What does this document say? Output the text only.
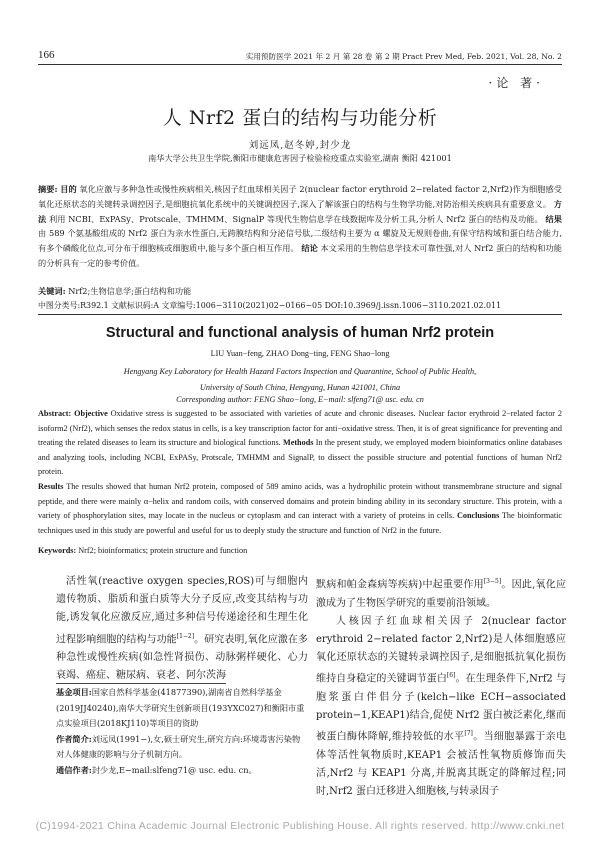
166	实用预防医学 2021 年 2 月 第 28 卷 第 2 期 Pract Prev Med, Feb. 2021, Vol. 28, No. 2
·论 著·
人 Nrf2 蛋白的结构与功能分析
刘远凤,赵冬婷,封少龙
南华大学公共卫生学院,衡阳市健康危害因子检验检疫重点实验室,湖南 衡阳 421001
摘要: 目的 氧化应激与多种急性或慢性疾病相关,核因子红血球相关因子 2(nuclear factor erythroid 2−related factor 2,Nrf2)作为细胞感受氧化还原状态的关键转录调控因子,是细胞抗氧化系统中的关键调控因子,深入了解该蛋白的结构与生物学功能,对防治相关疾病具有重要意义。 方法 利用 NCBI、ExPASy、Protscale、TMHMM、SignalP 等现代生物信息学在线数据库及分析工具,分析人 Nrf2 蛋白的结构及功能。 结果 由 589 个氨基酸组成的 Nrf2 蛋白为亲水性蛋白,无跨膜结构和分泌信号肽,二级结构主要为 α 螺旋及无规则卷曲,有保守结构域和蛋白结合能力,有多个磷酸化位点,可分布于细胞核或细胞质中,能与多个蛋白相互作用。 结论 本文采用的生物信息学技术可靠性强,对人 Nrf2 蛋白的结构和功能的分析具有一定的参考价值。
关键词: Nrf2;生物信息学;蛋白结构和功能
中图分类号:R392.1 文献标识码:A 文章编号:1006−3110(2021)02−0166−05 DOI:10.3969/j.issn.1006−3110.2021.02.011
Structural and functional analysis of human Nrf2 protein
LIU Yuan−feng, ZHAO Dong−ting, FENG Shao−long
Hengyang Key Laboratory for Health Hazard Factors Inspection and Quarantine, School of Public Health,
University of South China, Hengyang, Hunan 421001, China
Corresponding author: FENG Shao−long, E−mail: slfeng71@ usc. edu. cn
Abstract: Objective Oxidative stress is suggested to be associated with varieties of acute and chronic diseases. Nuclear factor erythroid 2−related factor 2 isoform2 (Nrf2), which senses the redox status in cells, is a key transcription factor for anti−oxidative stress. Then, it is of great significance for preventing and treating the related diseases to learn its structure and biological functions. Methods In the present study, we employed modern bioinformatics online databases and analyzing tools, including NCBI, ExPASy, Protscale, TMHMM and SignalP, to dissect the possible structure and potential functions of human Nrf2 protein.
Results The results showed that human Nrf2 protein, composed of 589 amino acids, was a hydrophilic protein without transmembrane structure and signal peptide, and there were mainly α−helix and random coils, with conserved domains and protein binding ability in its secondary structure. This protein, with a variety of phosphorylation sites, may locate in the nucleus or cytoplasm and can interact with a variety of proteins in cells. Conclusions The bioinformatic techniques used in this study are powerful and useful for us to deeply study the structure and function of Nrf2 in the future.
Keywords: Nrf2; bioinformatics; protein structure and function

活性氧(reactive oxygen species,ROS)可与细胞内遗传物质、脂质和蛋白质等大分子反应,改变其结构与功能,诱发氧化应激反应,通过多种信号传递途径和生理生化过程影响细胞的结构与功能[1−2]。研究表明,氧化应激在多种急性或慢性疾病(如急性肾损伤、动脉粥样硬化、心力衰竭、癌症、糖尿病、衰老、阿尔茨海

基金项目:国家自然科学基金(41877390),湖南省自然科学基金(2019JJ40240),南华大学研究生创新项目(193YXC027)和衡阳市重点实验项目(2018KJ110)等项目的资助
作者简介:刘远凤(1991−),女,硕士研究生,研究方向:环境毒害污染物对人体健康的影响与分子机制方向。
通信作者:封少龙,E−mail:slfeng71@ usc. edu. cn。

默病和帕金森病等疾病)中起重要作用[3−5]。因此,氧化应激成为了生物医学研究的重要前沿领域。

人核因子红血球相关因子 2(nuclear factor erythroid 2−related factor 2,Nrf2)是人体细胞感应氧化还原状态的关键转录调控因子,是细胞抵抗氧化损伤维持自身稳定的关键调节蛋白[6]。在生理条件下,Nrf2 与胞浆蛋白伴侣分子(kelch−like ECH−associated protein−1,KEAP1)结合,促使 Nrf2 蛋白被泛素化,继而被蛋白酶体降解,维持较低的水平[7]。当细胞暴露于亲电体等活性氧物质时,KEAP1 会被活性氧物质修饰而失活,Nrf2 与 KEAP1 分离,并脱离其既定的降解过程;同时,Nrf2 蛋白迁移进入细胞核,与转录因子

(C)1994-2021 China Academic Journal Electronic Publishing House. All rights reserved. http://www.cnki.net
